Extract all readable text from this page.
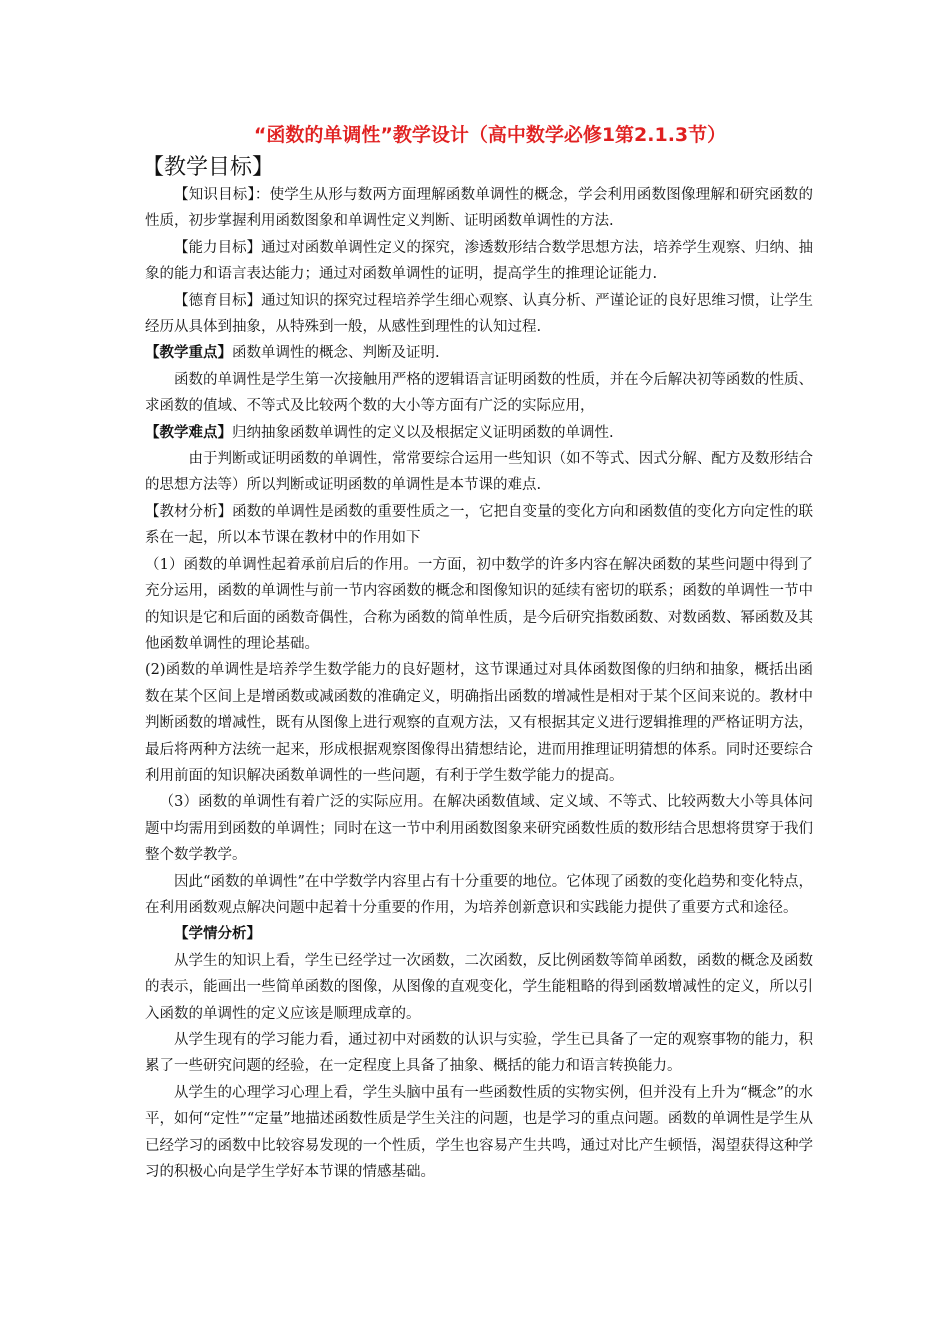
“函数的单调性”教学设计（高中数学必修1第2.1.3节）
【教学目标】

【知识目标】：使学生从形与数两方面理解函数单调性的概念，学会利用函数图像理解和研究函数的性质，初步掌握利用函数图象和单调性定义判断、证明函数单调性的方法.

【能力目标】通过对函数单调性定义的探究，渗透数形结合数学思想方法，培养学生观察、归纳、抽象的能力和语言表达能力；通过对函数单调性的证明，提高学生的推理论证能力.

【德育目标】通过知识的探究过程培养学生细心观察、认真分析、严谨论证的良好思维习惯，让学生经历从具体到抽象，从特殊到一般，从感性到理性的认知过程.

【教学重点】函数单调性的概念、判断及证明.

函数的单调性是学生第一次接触用严格的逻辑语言证明函数的性质，并在今后解决初等函数的性质、求函数的值域、不等式及比较两个数的大小等方面有广泛的实际应用，

【教学难点】归纳抽象函数单调性的定义以及根据定义证明函数的单调性.

由于判断或证明函数的单调性，常常要综合运用一些知识（如不等式、因式分解、配方及数形结合的思想方法等）所以判断或证明函数的单调性是本节课的难点.

【教材分析】函数的单调性是函数的重要性质之一，它把自变量的变化方向和函数值的变化方向定性的联系在一起，所以本节课在教材中的作用如下

（1）函数的单调性起着承前启后的作用。一方面，初中数学的许多内容在解决函数的某些问题中得到了充分运用，函数的单调性与前一节内容函数的概念和图像知识的延续有密切的联系；函数的单调性一节中的知识是它和后面的函数奇偶性，合称为函数的简单性质，是今后研究指数函数、对数函数、幂函数及其他函数单调性的理论基础。

(2)函数的单调性是培养学生数学能力的良好题材，这节课通过对具体函数图像的归纳和抽象，概括出函数在某个区间上是增函数或减函数的准确定义，明确指出函数的增减性是相对于某个区间来说的。教材中判断函数的增减性，既有从图像上进行观察的直观方法，又有根据其定义进行逻辑推理的严格证明方法，最后将两种方法统一起来，形成根据观察图像得出猜想结论，进而用推理证明猜想的体系。同时还要综合利用前面的知识解决函数单调性的一些问题，有利于学生数学能力的提高。

（3）函数的单调性有着广泛的实际应用。在解决函数值域、定义域、不等式、比较两数大小等具体问题中均需用到函数的单调性；同时在这一节中利用函数图象来研究函数性质的数形结合思想将贯穿于我们整个数学教学。

因此“函数的单调性”在中学数学内容里占有十分重要的地位。它体现了函数的变化趋势和变化特点，在利用函数观点解决问题中起着十分重要的作用，为培养创新意识和实践能力提供了重要方式和途径。

【学情分析】

从学生的知识上看，学生已经学过一次函数，二次函数，反比例函数等简单函数，函数的概念及函数的表示，能画出一些简单函数的图像，从图像的直观变化，学生能粗略的得到函数增减性的定义，所以引入函数的单调性的定义应该是顺理成章的。

从学生现有的学习能力看，通过初中对函数的认识与实验，学生已具备了一定的观察事物的能力，积累了一些研究问题的经验，在一定程度上具备了抽象、概括的能力和语言转换能力。

从学生的心理学习心理上看，学生头脑中虽有一些函数性质的实物实例，但并没有上升为“概念”的水平，如何“定性”“定量”地描述函数性质是学生关注的问题，也是学习的重点问题。函数的单调性是学生从已经学习的函数中比较容易发现的一个性质，学生也容易产生共鸣，通过对比产生顿悟，渴望获得这种学习的积极心向是学生学好本节课的情感基础。
